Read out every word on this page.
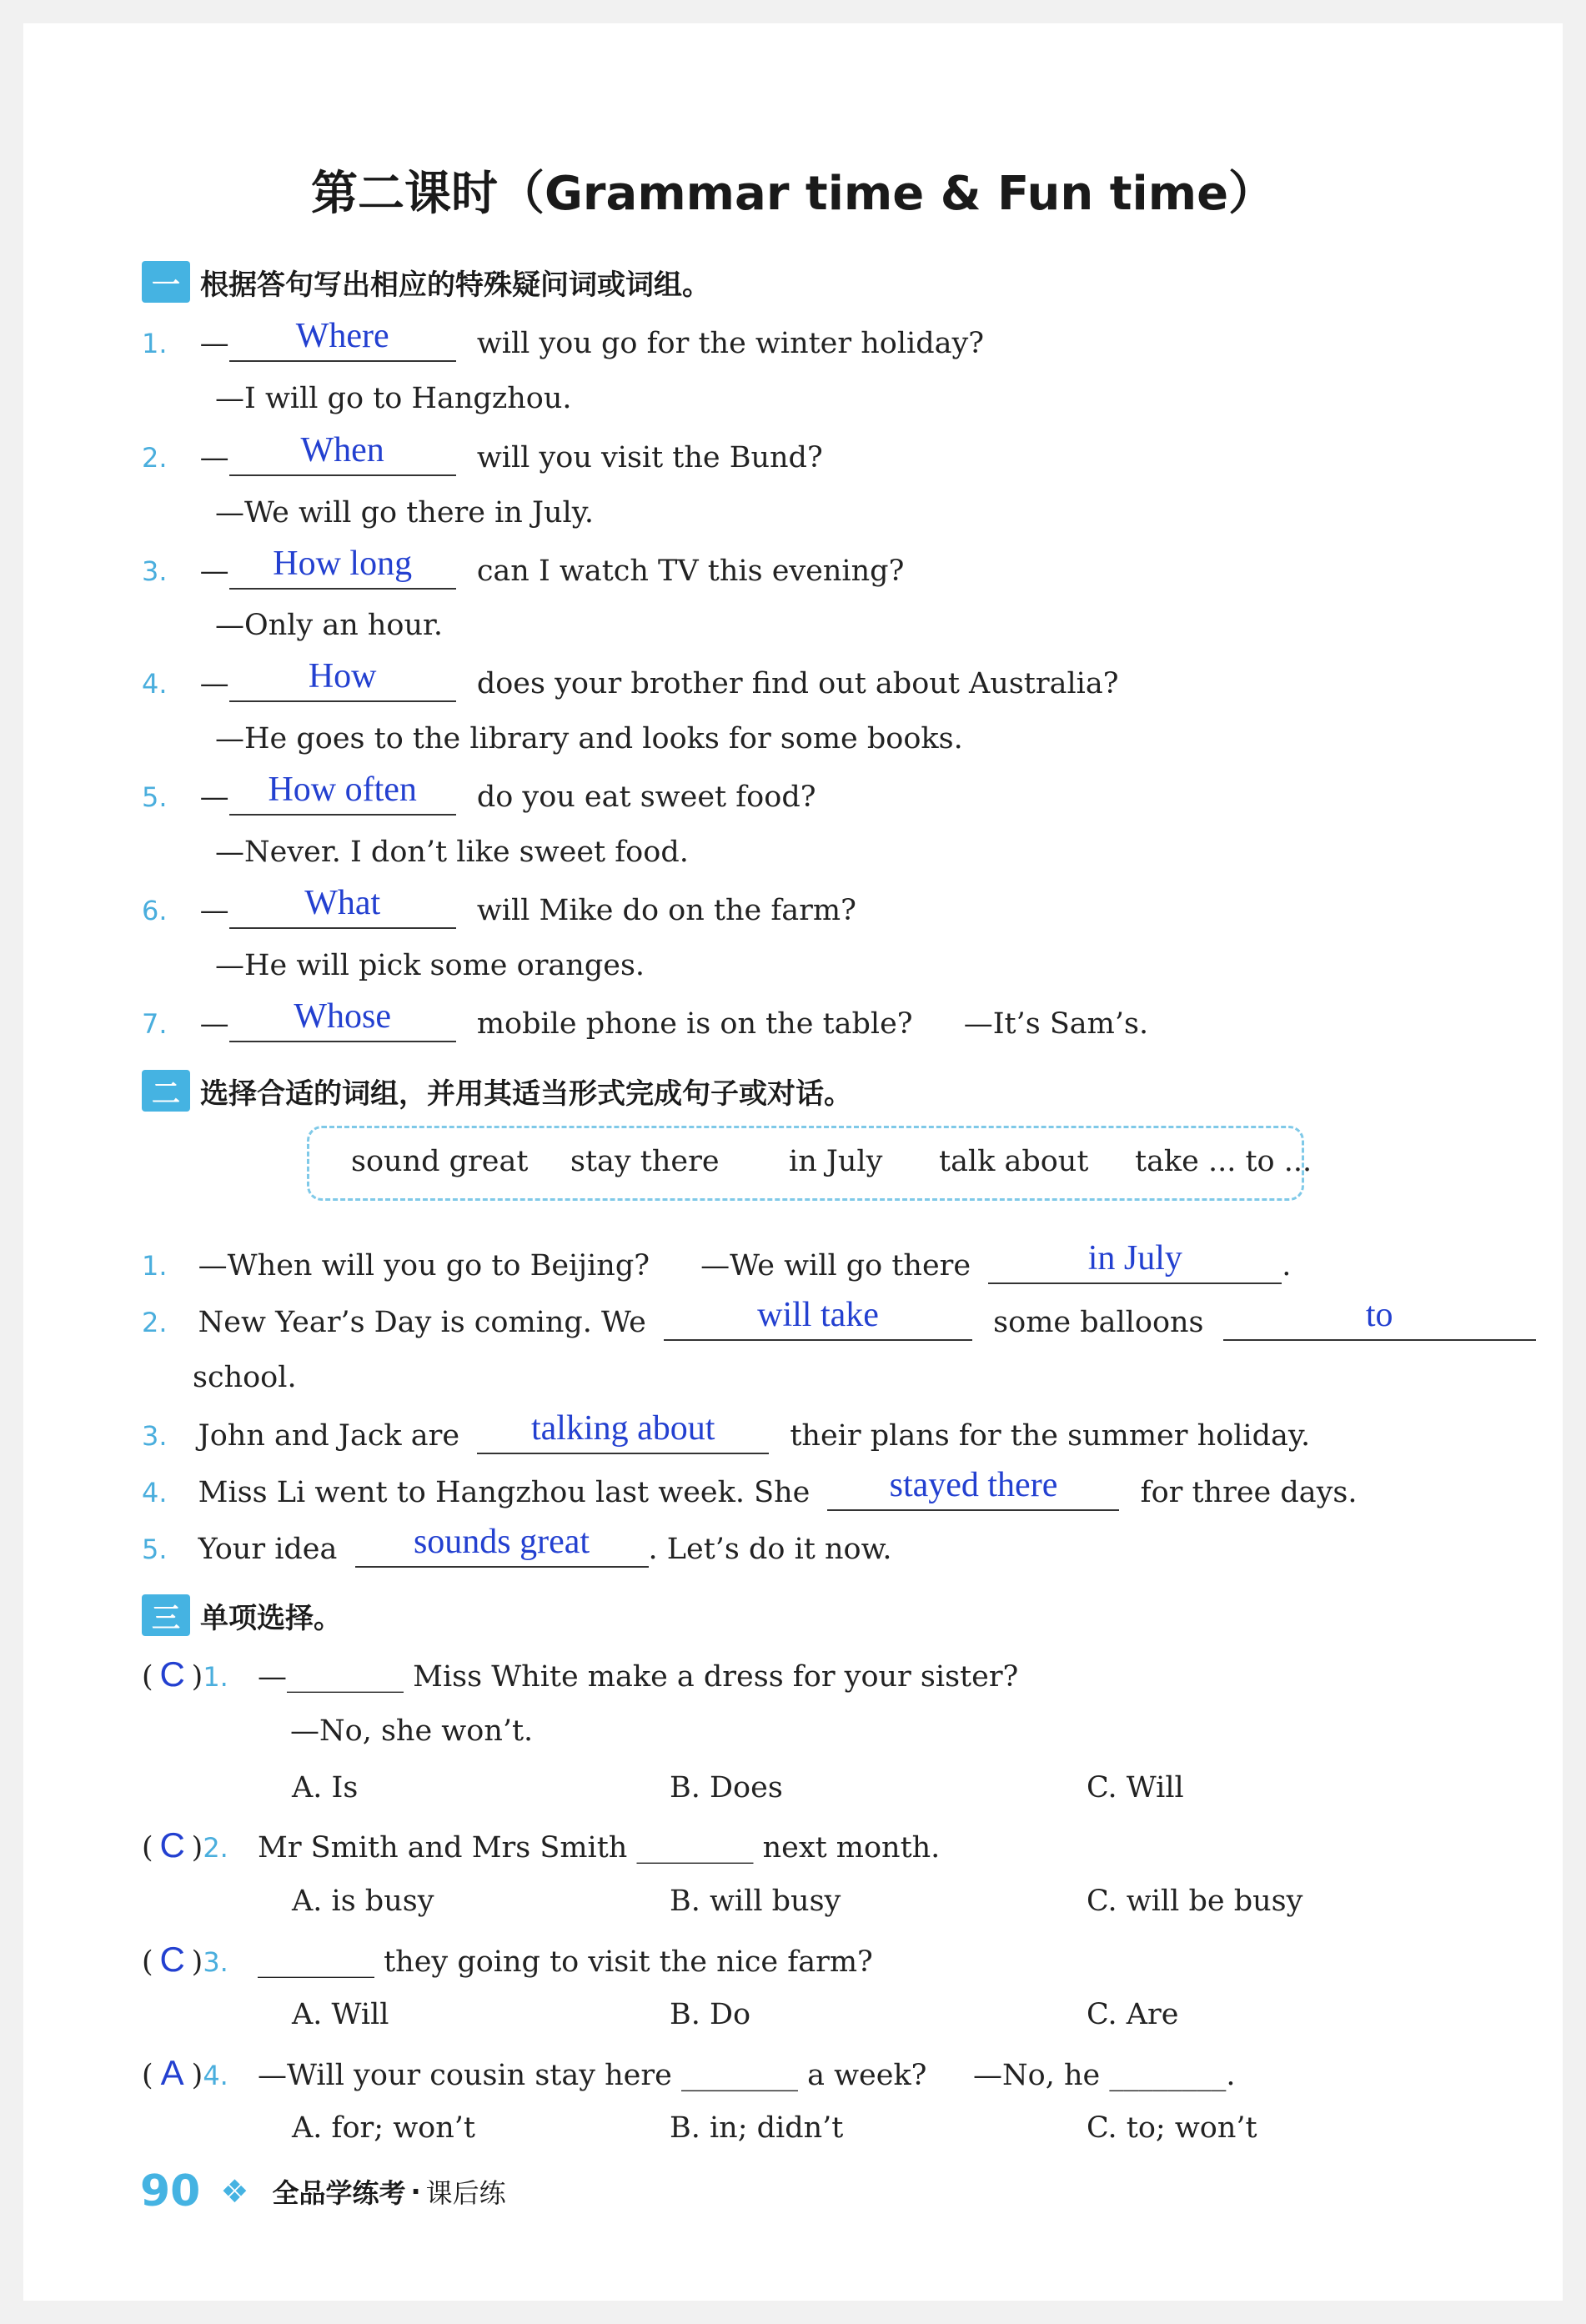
第二课时（Grammar time & Fun time）
一 根据答句写出相应的特殊疑问词或词组。
1. —	Where	will you go for the winter holiday?
—I will go to Hangzhou.
2. —	When	will you visit the Bund?
—We will go there in July.
3. —	How long	can I watch TV this evening?
—Only an hour.
4. —	How	does your brother find out about Australia?
—He goes to the library and looks for some books.
5. —	How often	do you eat sweet food?
—Never. I don’t like sweet food.
6. —	What	will Mike do on the farm?
—He will pick some oranges.
7. —	Whose	mobile phone is on the table? —It’s Sam’s.
二 选择合适的词组，并用其适当形式完成句子或对话。
sound great stay there in July talk about take ... to ...
1. —When will you go to Beijing? —We will go there	in July	.
2. New Year’s Day is coming. We	will take	some balloons	to
school.
3. John and Jack are	talking about	their plans for the summer holiday.
4. Miss Li went to Hangzhou last week. She	stayed there	for three days.
5. Your idea	sounds great	. Let’s do it now.
三 单项选择。
( C )1. —________ Miss White make a dress for your sister?
—No, she won’t.
A. Is	B. Does	C. Will
( C )2. Mr Smith and Mrs Smith ________ next month.
A. is busy	B. will busy	C. will be busy
( C )3. ________ they going to visit the nice farm?
A. Will	B. Do	C. Are
( A )4. —Will your cousin stay here ________ a week?     —No, he ________.
A. for; won’t	B. in; didn’t	C. to; won’t
90 ❖ 全品学练考 · 课后练
